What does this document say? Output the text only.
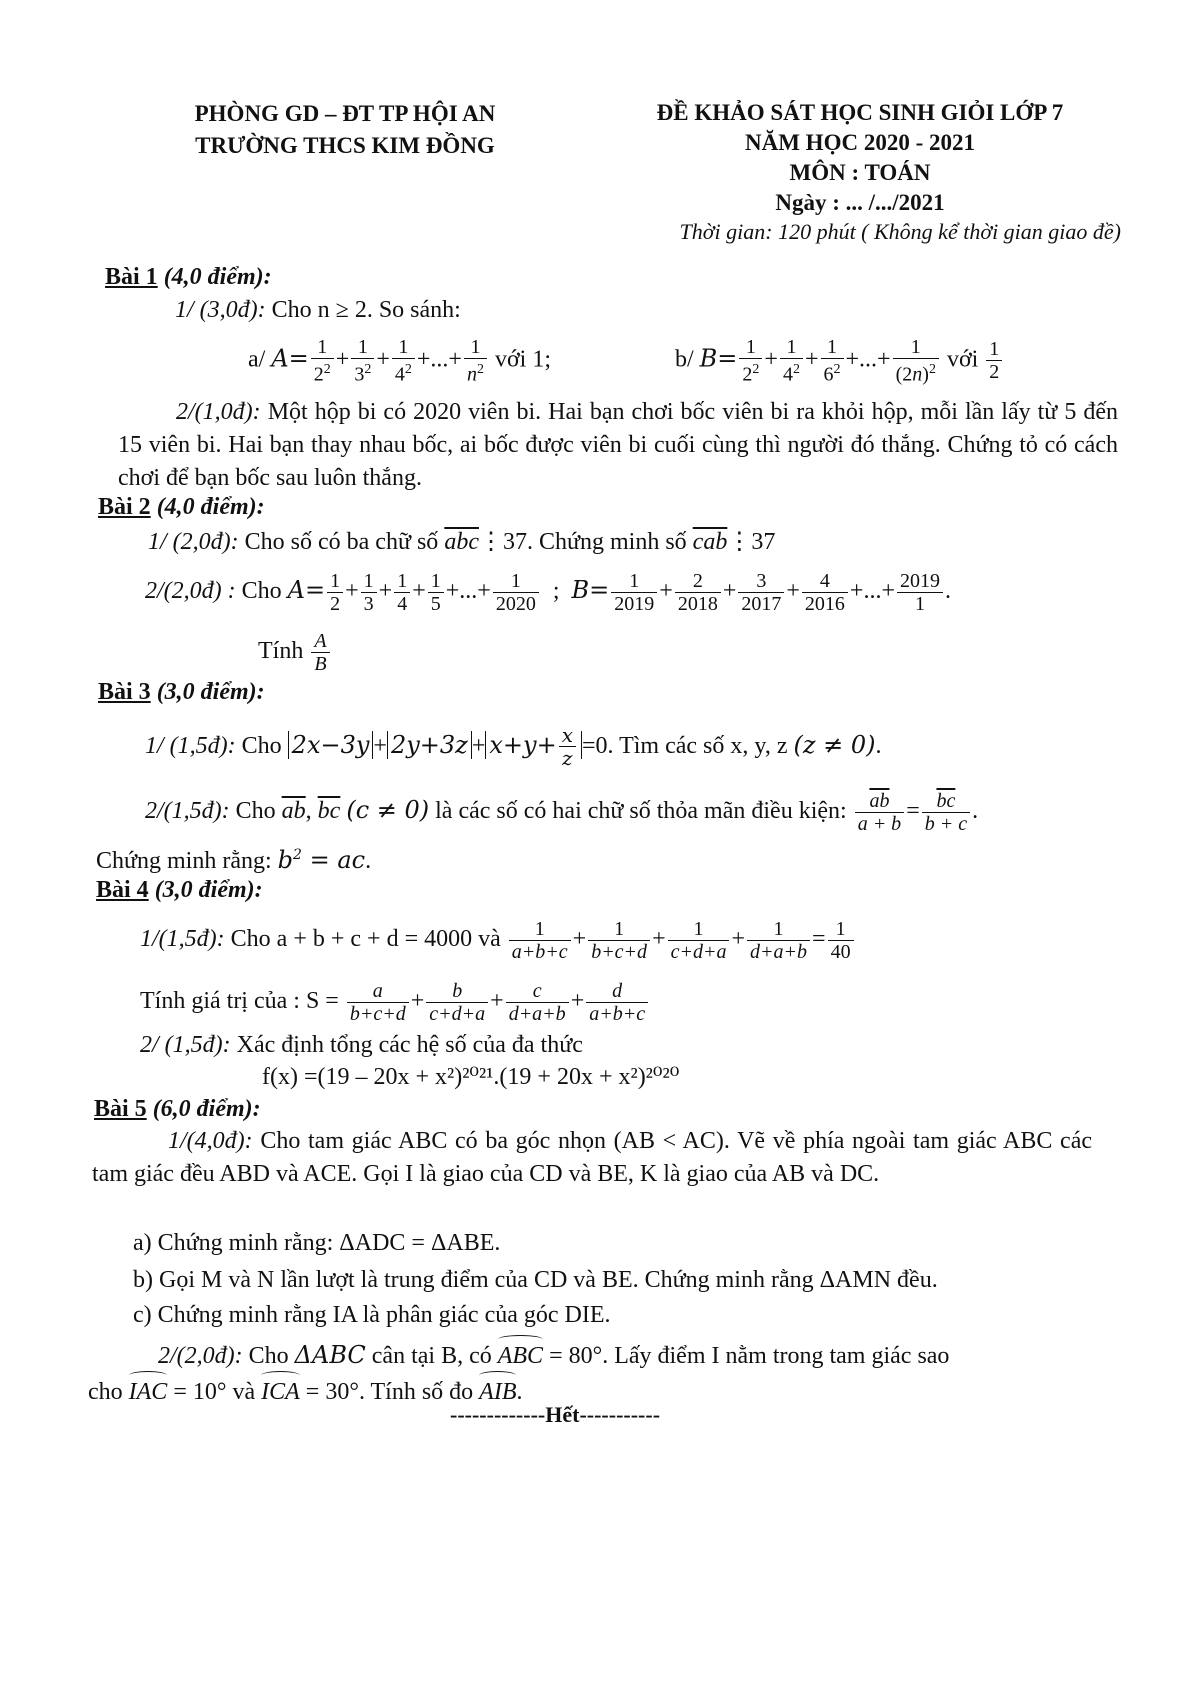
PHÒNG GD – ĐT TP HỘI AN
TRƯỜNG THCS KIM ĐỒNG
ĐỀ KHẢO SÁT HỌC SINH GIỎI LỚP 7
NĂM HỌC 2020 - 2021
MÔN : TOÁN
Ngày : ... /.../2021
Thời gian: 120 phút ( Không kể thời gian giao đề)
Bài 1 (4,0 điểm):
1/ (3,0đ): Cho n ≥ 2. So sánh:
a/ $A= \frac{1}{2^2} + \frac{1}{3^2} + \frac{1}{4^2}$ +...+ $\frac{1}{n^2}$ với 1;	b/ $B= \frac{1}{2^2} + \frac{1}{4^2} + \frac{1}{6^2}$ +...+ $\frac{1}{(2n)^2}$ với $\frac{1}{2}$
2/(1,0đ): Một hộp bi có 2020 viên bi. Hai bạn chơi bốc viên bi ra khỏi hộp, mỗi lần lấy từ 5 đến 15 viên bi. Hai bạn thay nhau bốc, ai bốc được viên bi cuối cùng thì người đó thắng. Chứng tỏ có cách chơi để bạn bốc sau luôn thắng.
Bài 2 (4,0 điểm):
1/ (2,0đ): Cho số có ba chữ số $\overline{abc}⋮37$. Chứng minh số $\overline{cab}⋮37$
2/(2,0đ) : Cho $A= \frac{1}{2} + \frac{1}{3} + \frac{1}{4} + \frac{1}{5}$ +...+ $\frac{1}{2020}$ ;  $B= \frac{1}{2019} + \frac{2}{2018} + \frac{3}{2017} + \frac{4}{2016}$ +...+ $\frac{2019}{1}$ .
Tính $\frac{A}{B}$
Bài 3 (3,0 điểm):
1/ (1,5đ): Cho $2x-3y + 2y+3z + x+y+ \frac{x}{z} =0$. Tìm các số x, y, z (z ≠ 0).
2/(1,5đ): Cho $\overline{ab}$, $\overline{bc}$ (c ≠ 0) là các số có hai chữ số thỏa mãn điều kiện: $\frac{\overline{ab}}{a + b} = \frac{\overline{bc}}{b + c}$ .
Chứng minh rằng: $b^2$ = ac.
Bài 4 (3,0 điểm):
1/(1,5đ): Cho a + b + c + d = 4000 và $\frac{1}{a+b+c} + \frac{1}{b+c+d} + \frac{1}{c+d+a} + \frac{1}{d+a+b} = \frac{1}{40}$
Tính giá trị của : $S = \frac{a}{b+c+d} + \frac{b}{c+d+a} + \frac{c}{d+a+b} + \frac{d}{a+b+c}$
2/ (1,5đ): Xác định tổng các hệ số của đa thức
f(x) =(19 – 20x + x²)²⁰²¹.(19 + 20x + x²)²⁰²⁰
Bài 5 (6,0 điểm):
1/(4,0đ): Cho tam giác ABC có ba góc nhọn (AB < AC). Vẽ về phía ngoài tam giác ABC các tam giác đều ABD và ACE. Gọi I là giao của CD và BE, K là giao của AB và DC.
a) Chứng minh rằng: ΔADC = ΔABE.
b) Gọi M và N lần lượt là trung điểm của CD và BE. Chứng minh rằng ΔAMN đều.
c) Chứng minh rằng IA là phân giác của góc DIE.
2/(2,0đ): Cho ΔABC cân tại B, có ABC = 80°. Lấy điểm I nằm trong tam giác sao
cho IAC = 10° và ICA = 30°. Tính số đo AIB.
-------------Hết-----------
